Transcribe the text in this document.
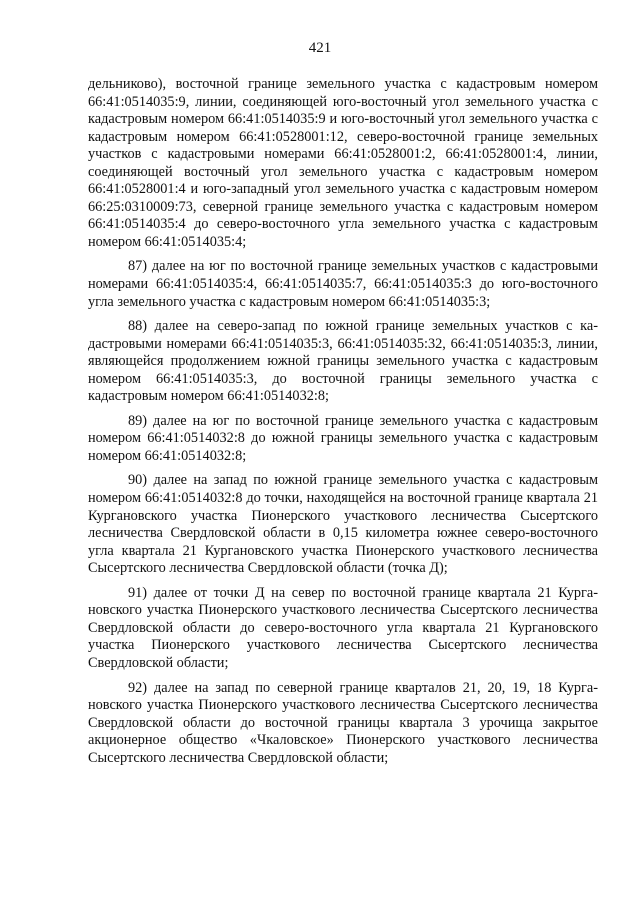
421

дельниково), восточной границе земельного участка с кадастровым номером 66:41:0514035:9, линии, соединяющей юго-восточный угол земельного участка с кадастровым номером 66:41:0514035:9 и юго-восточный угол земельного участка с кадастровым номером 66:41:0528001:12, северо-восточной границе земельных участков с кадастровыми номерами 66:41:0528001:2, 66:41:0528001:4, линии, соединяющей восточный угол земельного участка с кадастровым номером 66:41:0528001:4 и юго-западный угол земельного участка с кадастровым номером 66:25:0310009:73, северной границе земельного участка с кадастровым номером 66:41:0514035:4 до северо-восточного угла земельного участка с кадастровым номером 66:41:0514035:4;

87) далее на юг по восточной границе земельных участков с кадастровыми номерами 66:41:0514035:4, 66:41:0514035:7, 66:41:0514035:3 до юго-восточного угла земельного участка с кадастровым номером 66:41:0514035:3;

88) далее на северо-запад по южной границе земельных участков с кадастровыми номерами 66:41:0514035:3, 66:41:0514035:32, 66:41:0514035:3, линии, являющейся продолжением южной границы земельного участка с кадастровым номером 66:41:0514035:3, до восточной границы земельного участка с кадастровым номером 66:41:0514032:8;

89) далее на юг по восточной границе земельного участка с кадастровым номером 66:41:0514032:8 до южной границы земельного участка с кадастровым номером 66:41:0514032:8;

90) далее на запад по южной границе земельного участка с кадастровым номером 66:41:0514032:8 до точки, находящейся на восточной границе квартала 21 Кургановского участка Пионерского участкового лесничества Сысертского лесничества Свердловской области в 0,15 километра южнее северо-восточного угла квартала 21 Кургановского участка Пионерского участкового лесничества Сысертского лесничества Свердловской области (точка Д);

91) далее от точки Д на север по восточной границе квартала 21 Кургановского участка Пионерского участкового лесничества Сысертского лесничества Свердловской области до северо-восточного угла квартала 21 Кургановского участка Пионерского участкового лесничества Сысертского лесничества Свердловской области;

92) далее на запад по северной границе кварталов 21, 20, 19, 18 Кургановского участка Пионерского участкового лесничества Сысертского лесничества Свердловской области до восточной границы квартала 3 урочища закрытое акционерное общество «Чкаловское» Пионерского участкового лесничества Сысертского лесничества Свердловской области;
